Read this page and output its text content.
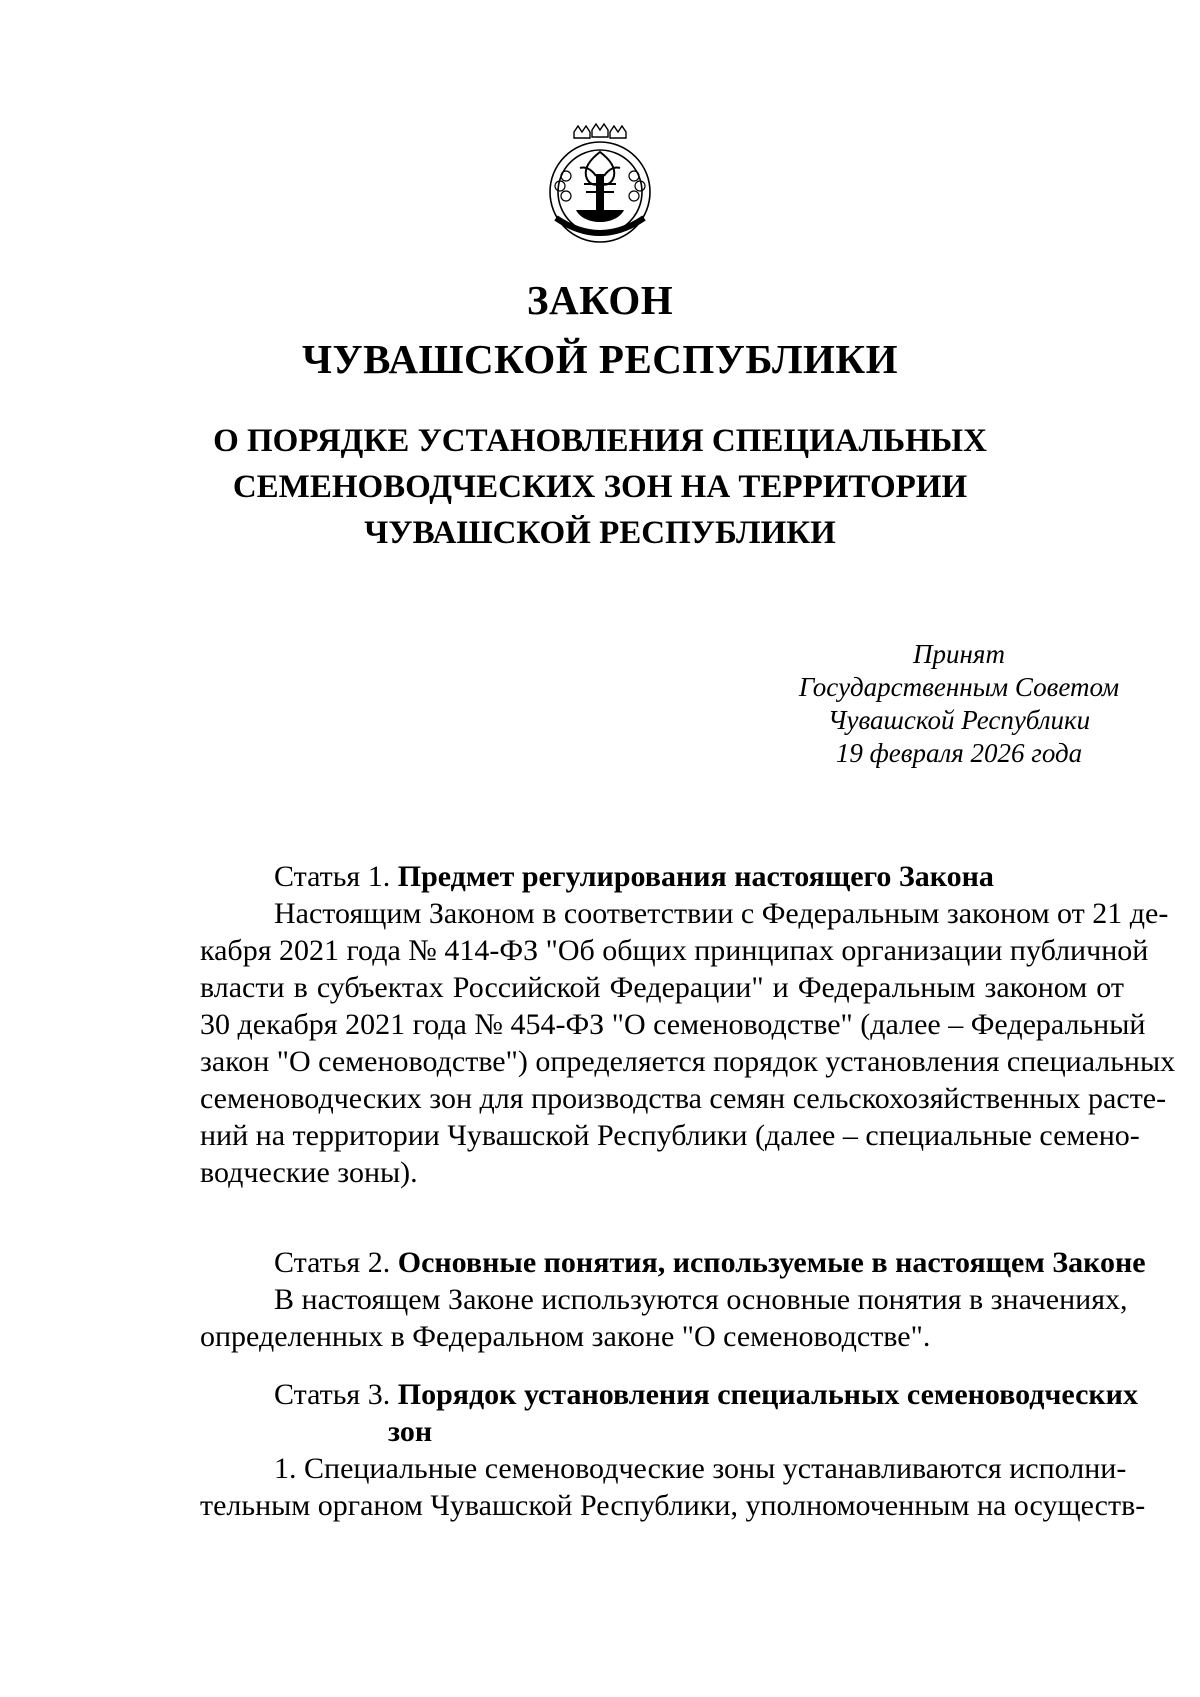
ЗАКОН
ЧУВАШСКОЙ РЕСПУБЛИКИ
О ПОРЯДКЕ УСТАНОВЛЕНИЯ СПЕЦИАЛЬНЫХ
СЕМЕНОВОДЧЕСКИХ ЗОН НА ТЕРРИТОРИИ
ЧУВАШСКОЙ РЕСПУБЛИКИ
Принят
Государственным Советом
Чувашской Республики
19 февраля 2026 года
Статья 1. Предмет регулирования настоящего Закона
Настоящим Законом в соответствии с Федеральным законом от 21 де-
кабря 2021 года № 414-ФЗ "Об общих принципах организации публичной
власти в субъектах Российской Федерации" и Федеральным законом от
30 декабря 2021 года № 454-ФЗ "О семеноводстве" (далее – Федеральный
закон "О семеноводстве") определяется порядок установления специальных
семеноводческих зон для производства семян сельскохозяйственных расте-
ний на территории Чувашской Республики (далее – специальные семено-
водческие зоны).
Статья 2. Основные понятия, используемые в настоящем Законе
В настоящем Законе используются основные понятия в значениях,
определенных в Федеральном законе "О семеноводстве".
Статья 3. Порядок установления специальных семеноводческих
зон
1. Специальные семеноводческие зоны устанавливаются исполни-
тельным органом Чувашской Республики, уполномоченным на осуществ-
